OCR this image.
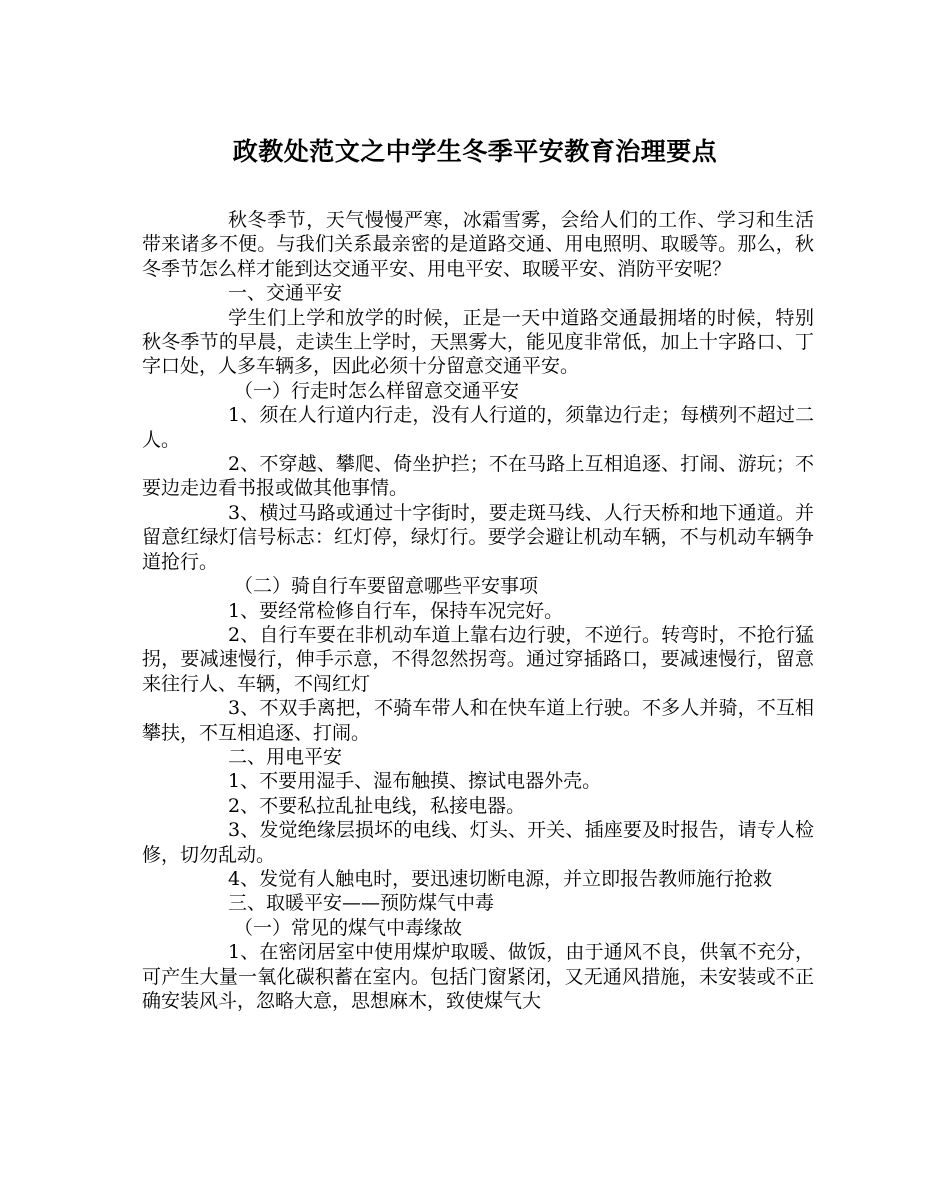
政教处范文之中学生冬季平安教育治理要点

秋冬季节，天气慢慢严寒，冰霜雪雾，会给人们的工作、学习和生活带来诸多不便。与我们关系最亲密的是道路交通、用电照明、取暖等。那么，秋冬季节怎么样才能到达交通平安、用电平安、取暖平安、消防平安呢？

一、交通平安

学生们上学和放学的时候，正是一天中道路交通最拥堵的时候，特别秋冬季节的早晨，走读生上学时，天黑雾大，能见度非常低，加上十字路口、丁字口处，人多车辆多，因此必须十分留意交通平安。

（一）行走时怎么样留意交通平安

1、须在人行道内行走，没有人行道的，须靠边行走；每横列不超过二人。

2、不穿越、攀爬、倚坐护拦；不在马路上互相追逐、打闹、游玩；不要边走边看书报或做其他事情。

3、横过马路或通过十字街时，要走斑马线、人行天桥和地下通道。并留意红绿灯信号标志：红灯停，绿灯行。要学会避让机动车辆，不与机动车辆争道抢行。

（二）骑自行车要留意哪些平安事项

1、要经常检修自行车，保持车况完好。

2、自行车要在非机动车道上靠右边行驶，不逆行。转弯时，不抢行猛拐，要减速慢行，伸手示意，不得忽然拐弯。通过穿插路口，要减速慢行，留意来往行人、车辆，不闯红灯

3、不双手离把，不骑车带人和在快车道上行驶。不多人并骑，不互相攀扶，不互相追逐、打闹。

二、用电平安

1、不要用湿手、湿布触摸、擦试电器外壳。

2、不要私拉乱扯电线，私接电器。

3、发觉绝缘层损坏的电线、灯头、开关、插座要及时报告，请专人检修，切勿乱动。

4、发觉有人触电时，要迅速切断电源，并立即报告教师施行抢救

三、取暖平安——预防煤气中毒

（一）常见的煤气中毒缘故

1、在密闭居室中使用煤炉取暖、做饭，由于通风不良，供氧不充分，可产生大量一氧化碳积蓄在室内。包括门窗紧闭，又无通风措施，未安装或不正确安装风斗，忽略大意，思想麻木，致使煤气大
